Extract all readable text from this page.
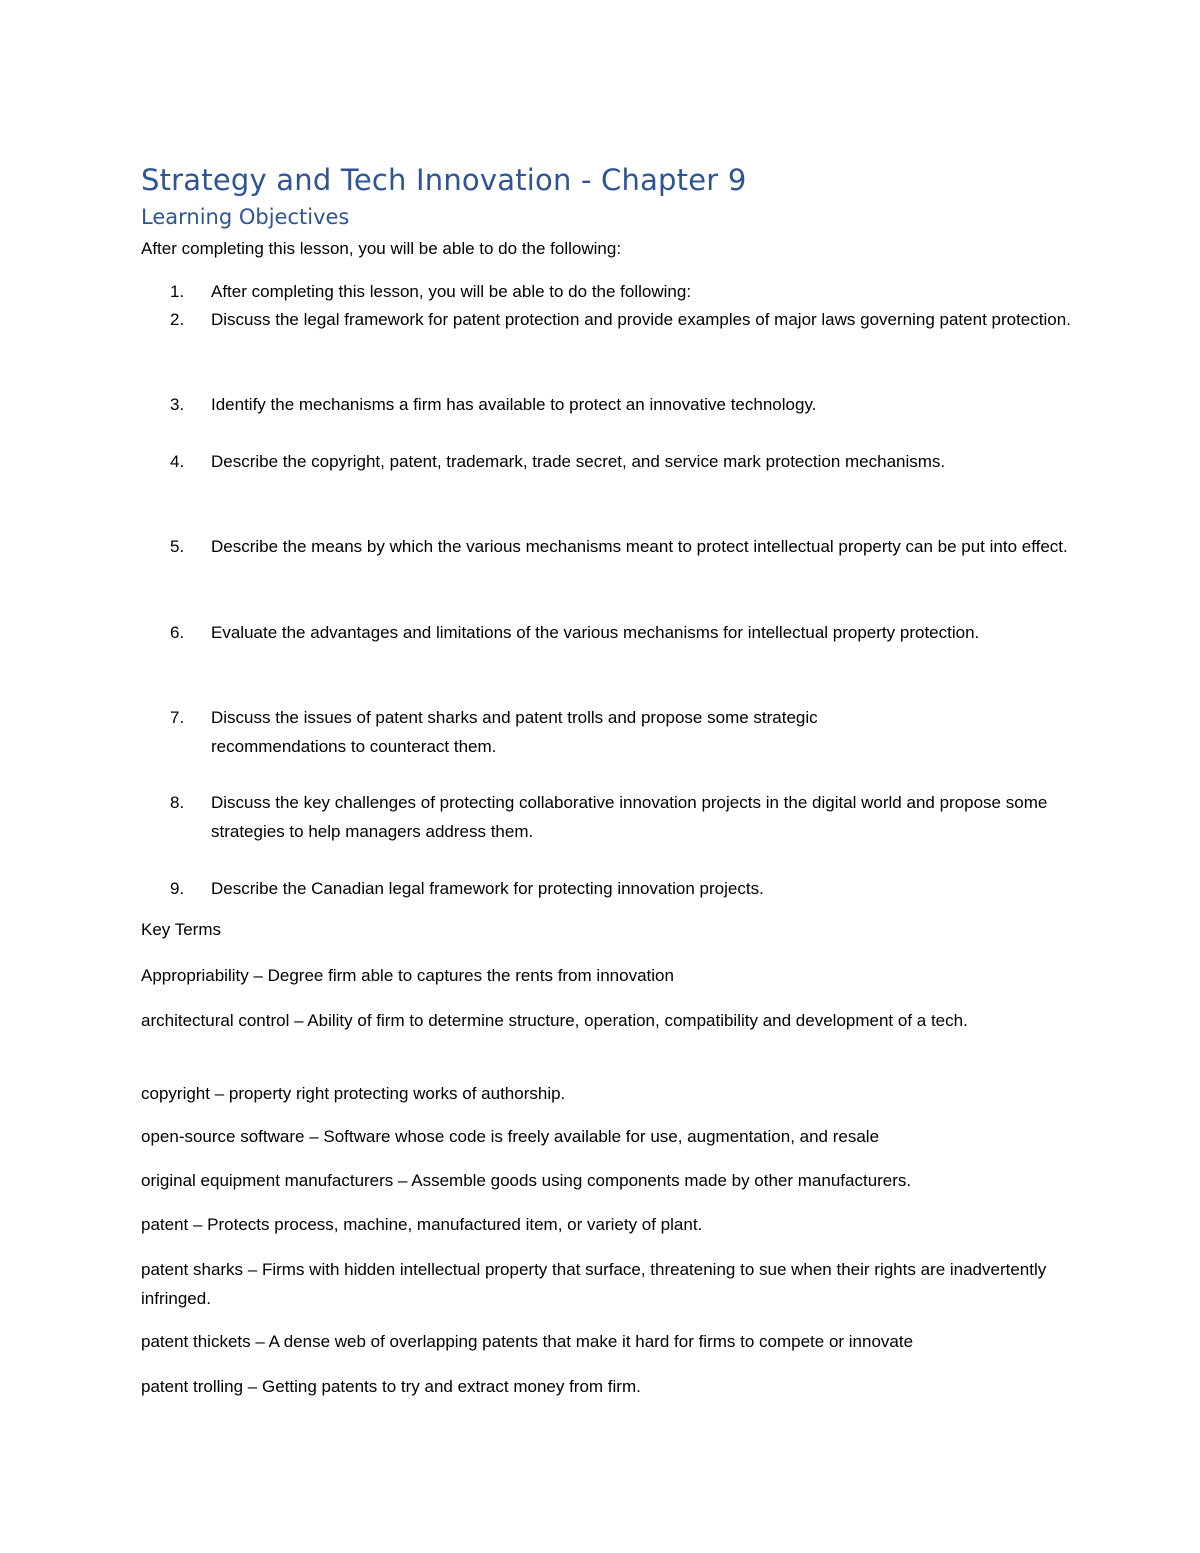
Strategy and Tech Innovation - Chapter 9
Learning Objectives
After completing this lesson, you will be able to do the following:
1.	After completing this lesson, you will be able to do the following:
2.	Discuss the legal framework for patent protection and provide examples of major laws governing patent protection.
3.	Identify the mechanisms a firm has available to protect an innovative technology.
4.	Describe the copyright, patent, trademark, trade secret, and service mark protection mechanisms.
5.	Describe the means by which the various mechanisms meant to protect intellectual property can be put into effect.
6.	Evaluate the advantages and limitations of the various mechanisms for intellectual property protection.
7.	Discuss the issues of patent sharks and patent trolls and propose some strategic recommendations to counteract them.
8.	Discuss the key challenges of protecting collaborative innovation projects in the digital world and propose some strategies to help managers address them.
9.	Describe the Canadian legal framework for protecting innovation projects.
Key Terms
Appropriability – Degree firm able to captures the rents from innovation
architectural control – Ability of firm to determine structure, operation, compatibility and development of a tech.
copyright – property right protecting works of authorship.
open-source software – Software whose code is freely available for use, augmentation, and resale
original equipment manufacturers – Assemble goods using components made by other manufacturers.
patent – Protects process, machine, manufactured item, or variety of plant.
patent sharks – Firms with hidden intellectual property that surface, threatening to sue when their rights are inadvertently infringed.
patent thickets – A dense web of overlapping patents that make it hard for firms to compete or innovate
patent trolling – Getting patents to try and extract money from firm.
